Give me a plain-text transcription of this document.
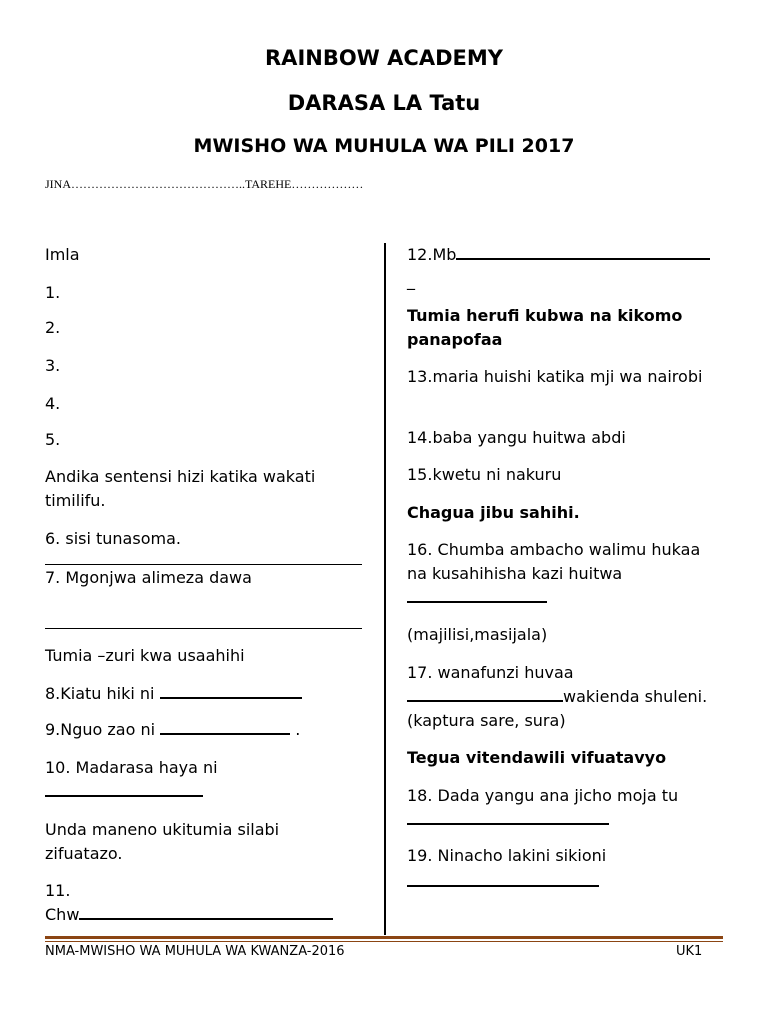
RAINBOW ACADEMY
DARASA LA Tatu
MWISHO WA MUHULA WA PILI 2017
JINA……………………………………..TAREHE………………
Imla
1.
2.
3.
4.
5.
Andika sentensi hizi katika wakati timilifu.
6. sisi tunasoma.
7. Mgonjwa alimeza dawa
Tumia –zuri kwa usaahihi
8.Kiatu hiki ni
9.Nguo zao ni	.
10. Madarasa haya ni
Unda maneno ukitumia silabi zifuatazo.
11.
Chw
12.Mb
_
Tumia herufi kubwa na kikomo panapofaa
13.maria huishi katika mji wa nairobi
14.baba yangu huitwa abdi
15.kwetu ni nakuru
Chagua jibu sahihi.
16. Chumba ambacho walimu hukaa na kusahihisha kazi huitwa
(majilisi,masijala)
17. wanafunzi huvaa
wakienda shuleni. (kaptura sare, sura)
Tegua vitendawili vifuatavyo
18. Dada yangu ana jicho moja tu
19. Ninacho lakini sikioni
NMA-MWISHO WA MUHULA WA KWANZA-2016	UK1
